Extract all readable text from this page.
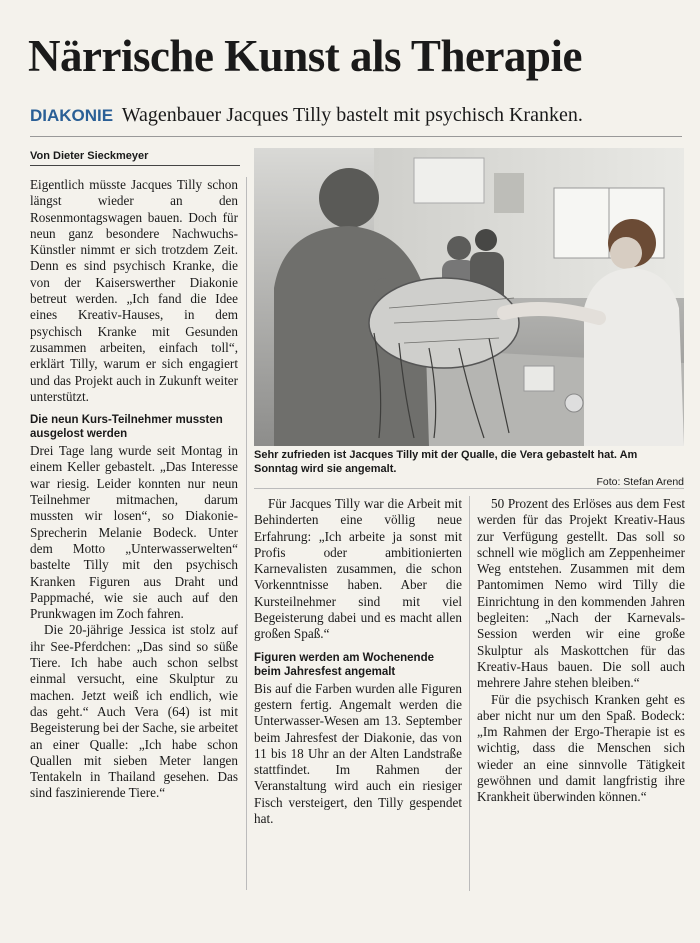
Närrische Kunst als Therapie

DIAKONIE Wagenbauer Jacques Tilly bastelt mit psychisch Kranken.

Von Dieter Sieckmeyer

Eigentlich müsste Jacques Tilly schon längst wieder an den Rosenmontagswagen bauen. Doch für neun ganz besondere Nachwuchs-Künstler nimmt er sich trotzdem Zeit. Denn es sind psychisch Kranke, die von der Kaiserswerther Diakonie betreut werden. „Ich fand die Idee eines Kreativ-Hauses, in dem psychisch Kranke mit Gesunden zusammen arbeiten, einfach toll“, erklärt Tilly, warum er sich engagiert und das Projekt auch in Zukunft weiter unterstützt.

Die neun Kurs-Teilnehmer mussten ausgelost werden

Drei Tage lang wurde seit Montag in einem Keller gebastelt. „Das Interesse war riesig. Leider konnten nur neun Teilnehmer mitmachen, darum mussten wir losen“, so Diakonie-Sprecherin Melanie Bodeck. Unter dem Motto „Unterwasserwelten“ bastelte Tilly mit den psychisch Kranken Figuren aus Draht und Pappmaché, wie sie auch auf den Prunkwagen im Zoch fahren.

Die 20-jährige Jessica ist stolz auf ihr See-Pferdchen: „Das sind so süße Tiere. Ich habe auch schon selbst einmal versucht, eine Skulptur zu machen. Jetzt weiß ich endlich, wie das geht.“ Auch Vera (64) ist mit Begeisterung bei der Sache, sie arbeitet an einer Qualle: „Ich habe schon Quallen mit sieben Meter langen Tentakeln in Thailand gesehen. Das sind faszinierende Tiere.“

Sehr zufrieden ist Jacques Tilly mit der Qualle, die Vera gebastelt hat. Am Sonntag wird sie angemalt.
Foto: Stefan Arend

Für Jacques Tilly war die Arbeit mit Behinderten eine völlig neue Erfahrung: „Ich arbeite ja sonst mit Profis oder ambitionierten Karnevalisten zusammen, die schon Vorkenntnisse haben. Aber die Kursteilnehmer sind mit viel Begeisterung dabei und es macht allen großen Spaß.“

Figuren werden am Wochenende beim Jahresfest angemalt

Bis auf die Farben wurden alle Figuren gestern fertig. Angemalt werden die Unterwasser-Wesen am 13. September beim Jahresfest der Diakonie, das von 11 bis 18 Uhr an der Alten Landstraße stattfindet. Im Rahmen der Veranstaltung wird auch ein riesiger Fisch versteigert, den Tilly gespendet hat.

50 Prozent des Erlöses aus dem Fest werden für das Projekt Kreativ-Haus zur Verfügung gestellt. Das soll so schnell wie möglich am Zeppenheimer Weg entstehen. Zusammen mit dem Pantomimen Nemo wird Tilly die Einrichtung in den kommenden Jahren begleiten: „Nach der Karnevals-Session werden wir eine große Skulptur als Maskottchen für das Kreativ-Haus bauen. Die soll auch mehrere Jahre stehen bleiben.“

Für die psychisch Kranken geht es aber nicht nur um den Spaß. Bodeck: „Im Rahmen der Ergo-Therapie ist es wichtig, dass die Menschen sich wieder an eine sinnvolle Tätigkeit gewöhnen und damit langfristig ihre Krankheit überwinden können.“
